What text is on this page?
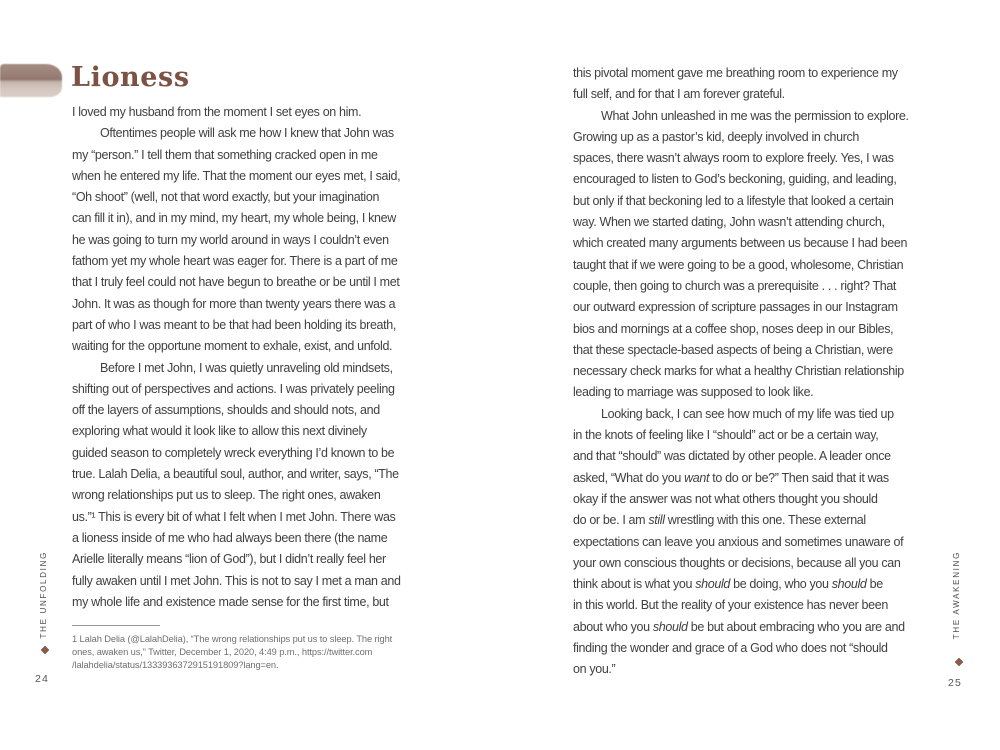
Lioness

I loved my husband from the moment I set eyes on him.

Oftentimes people will ask me how I knew that John was
my “person.” I tell them that something cracked open in me
when he entered my life. That the moment our eyes met, I said,
“Oh shoot” (well, not that word exactly, but your imagination
can fill it in), and in my mind, my heart, my whole being, I knew
he was going to turn my world around in ways I couldn’t even
fathom yet my whole heart was eager for. There is a part of me
that I truly feel could not have begun to breathe or be until I met
John. It was as though for more than twenty years there was a
part of who I was meant to be that had been holding its breath,
waiting for the opportune moment to exhale, exist, and unfold.

Before I met John, I was quietly unraveling old mindsets,
shifting out of perspectives and actions. I was privately peeling
off the layers of assumptions, shoulds and should nots, and
exploring what would it look like to allow this next divinely
guided season to completely wreck everything I’d known to be
true. Lalah Delia, a beautiful soul, author, and writer, says, “The
wrong relationships put us to sleep. The right ones, awaken
us.”¹ This is every bit of what I felt when I met John. There was
a lioness inside of me who had always been there (the name
Arielle literally means “lion of God”), but I didn’t really feel her
fully awaken until I met John. This is not to say I met a man and
my whole life and existence made sense for the first time, but

1 Lalah Delia (@LalahDelia), “The wrong relationships put us to sleep. The right
ones, awaken us,” Twitter, December 1, 2020, 4:49 p.m., https://twitter.com
/lalahdelia/status/1333936372915191809?lang=en.
THE UNFOLDING
24

this pivotal moment gave me breathing room to experience my
full self, and for that I am forever grateful.

What John unleashed in me was the permission to explore.
Growing up as a pastor’s kid, deeply involved in church
spaces, there wasn’t always room to explore freely. Yes, I was
encouraged to listen to God’s beckoning, guiding, and leading,
but only if that beckoning led to a lifestyle that looked a certain
way. When we started dating, John wasn’t attending church,
which created many arguments between us because I had been
taught that if we were going to be a good, wholesome, Christian
couple, then going to church was a prerequisite . . . right? That
our outward expression of scripture passages in our Instagram
bios and mornings at a coffee shop, noses deep in our Bibles,
that these spectacle-based aspects of being a Christian, were
necessary check marks for what a healthy Christian relationship
leading to marriage was supposed to look like.

Looking back, I can see how much of my life was tied up
in the knots of feeling like I “should” act or be a certain way,
and that “should” was dictated by other people. A leader once
asked, “What do you want to do or be?” Then said that it was
okay if the answer was not what others thought you should
do or be. I am still wrestling with this one. These external
expectations can leave you anxious and sometimes unaware of
your own conscious thoughts or decisions, because all you can
think about is what you should be doing, who you should be
in this world. But the reality of your existence has never been
about who you should be but about embracing who you are and
finding the wonder and grace of a God who does not “should
on you.”

THE AWAKENING
25
